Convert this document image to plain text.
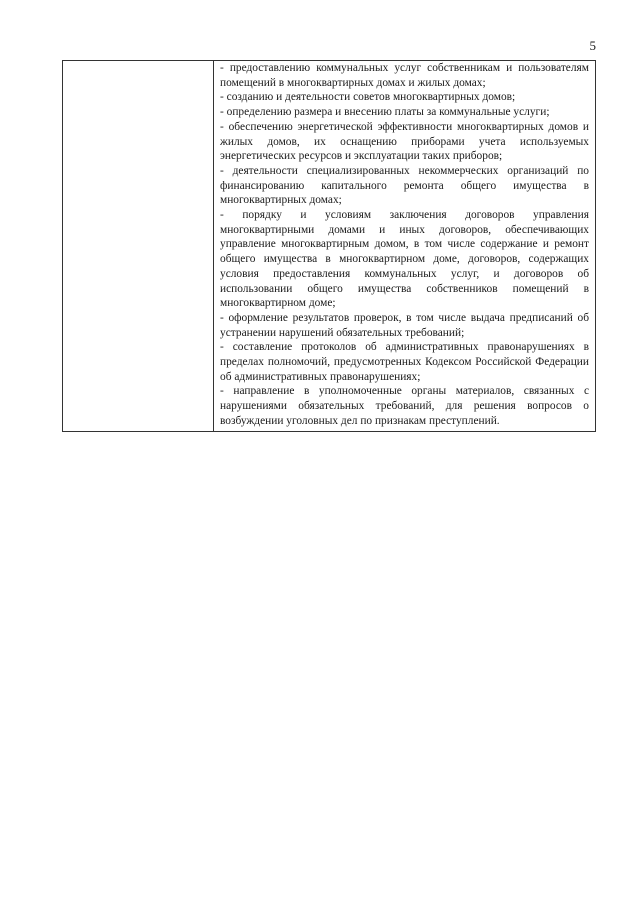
5

- предоставлению коммунальных услуг собственникам и пользователям помещений в многоквартирных домах и жилых домах;

- созданию и деятельности советов многоквартирных домов;

- определению размера и внесению платы за коммунальные услуги;

- обеспечению энергетической эффективности многоквартирных домов и жилых домов, их оснащению приборами учета используемых энергетических ресурсов и эксплуатации таких приборов;

- деятельности специализированных некоммерческих организаций по финансированию капитального ремонта общего имущества в многоквартирных домах;

- порядку и условиям заключения договоров управления многоквартирными домами и иных договоров, обеспечивающих управление многоквартирным домом, в том числе содержание и ремонт общего имущества в многоквартирном доме, договоров, содержащих условия предоставления коммунальных услуг, и договоров об использовании общего имущества собственников помещений в многоквартирном доме;

- оформление результатов проверок, в том числе выдача предписаний об устранении нарушений обязательных требований;

- составление протоколов об административных правонарушениях в пределах полномочий, предусмотренных Кодексом Российской Федерации об административных правонарушениях;

- направление в уполномоченные органы материалов, связанных с нарушениями обязательных требований, для решения вопросов о возбуждении уголовных дел по признакам преступлений.
